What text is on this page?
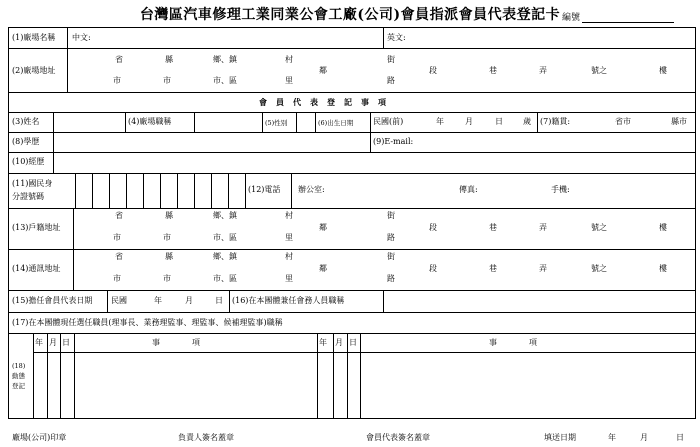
台灣區汽車修理工業同業公會工廠(公司)會員指派會員代表登記卡 編號
(1)廠場名稱 中文:	英文:
(2)廠場地址
省	縣	鄉、鎮	村	街
市	市	市、區	里	路
鄰	段	巷	弄	號之	樓
會員代表登記事項
(3)姓名	(4)廠場職稱	(5)性別	(6)出生日期 民國(前)	年	月	日	歲 (7)籍貫:	省市	縣市
(8)學歷	(9)E-mail:
(10)經歷
(11)國民身
分證號碼
(12)電話 辦公室:	傳真:	手機:
(13)戶籍地址
省	縣	鄉、鎮	村	街
市	市	市、區	里	路
鄰	段	巷	弄	號之	樓
(14)通訊地址
省	縣	鄉、鎮	村	街
市	市	市、區	里	路
鄰	段	巷	弄	號之	樓
(15)擔任會員代表日期 民國	年	月	日 (16)在本團體兼任會務人員職稱
(17)在本團體現任選任職員(理事長、業務理監事、理監事、候補理監事)職稱
(18)
動態
登記
年 月 日	事　　　　項	年 月 日	事　　　　項
廠場(公司)印章	負責人簽名蓋章	會員代表簽名蓋章	填送日期	年	月	日
